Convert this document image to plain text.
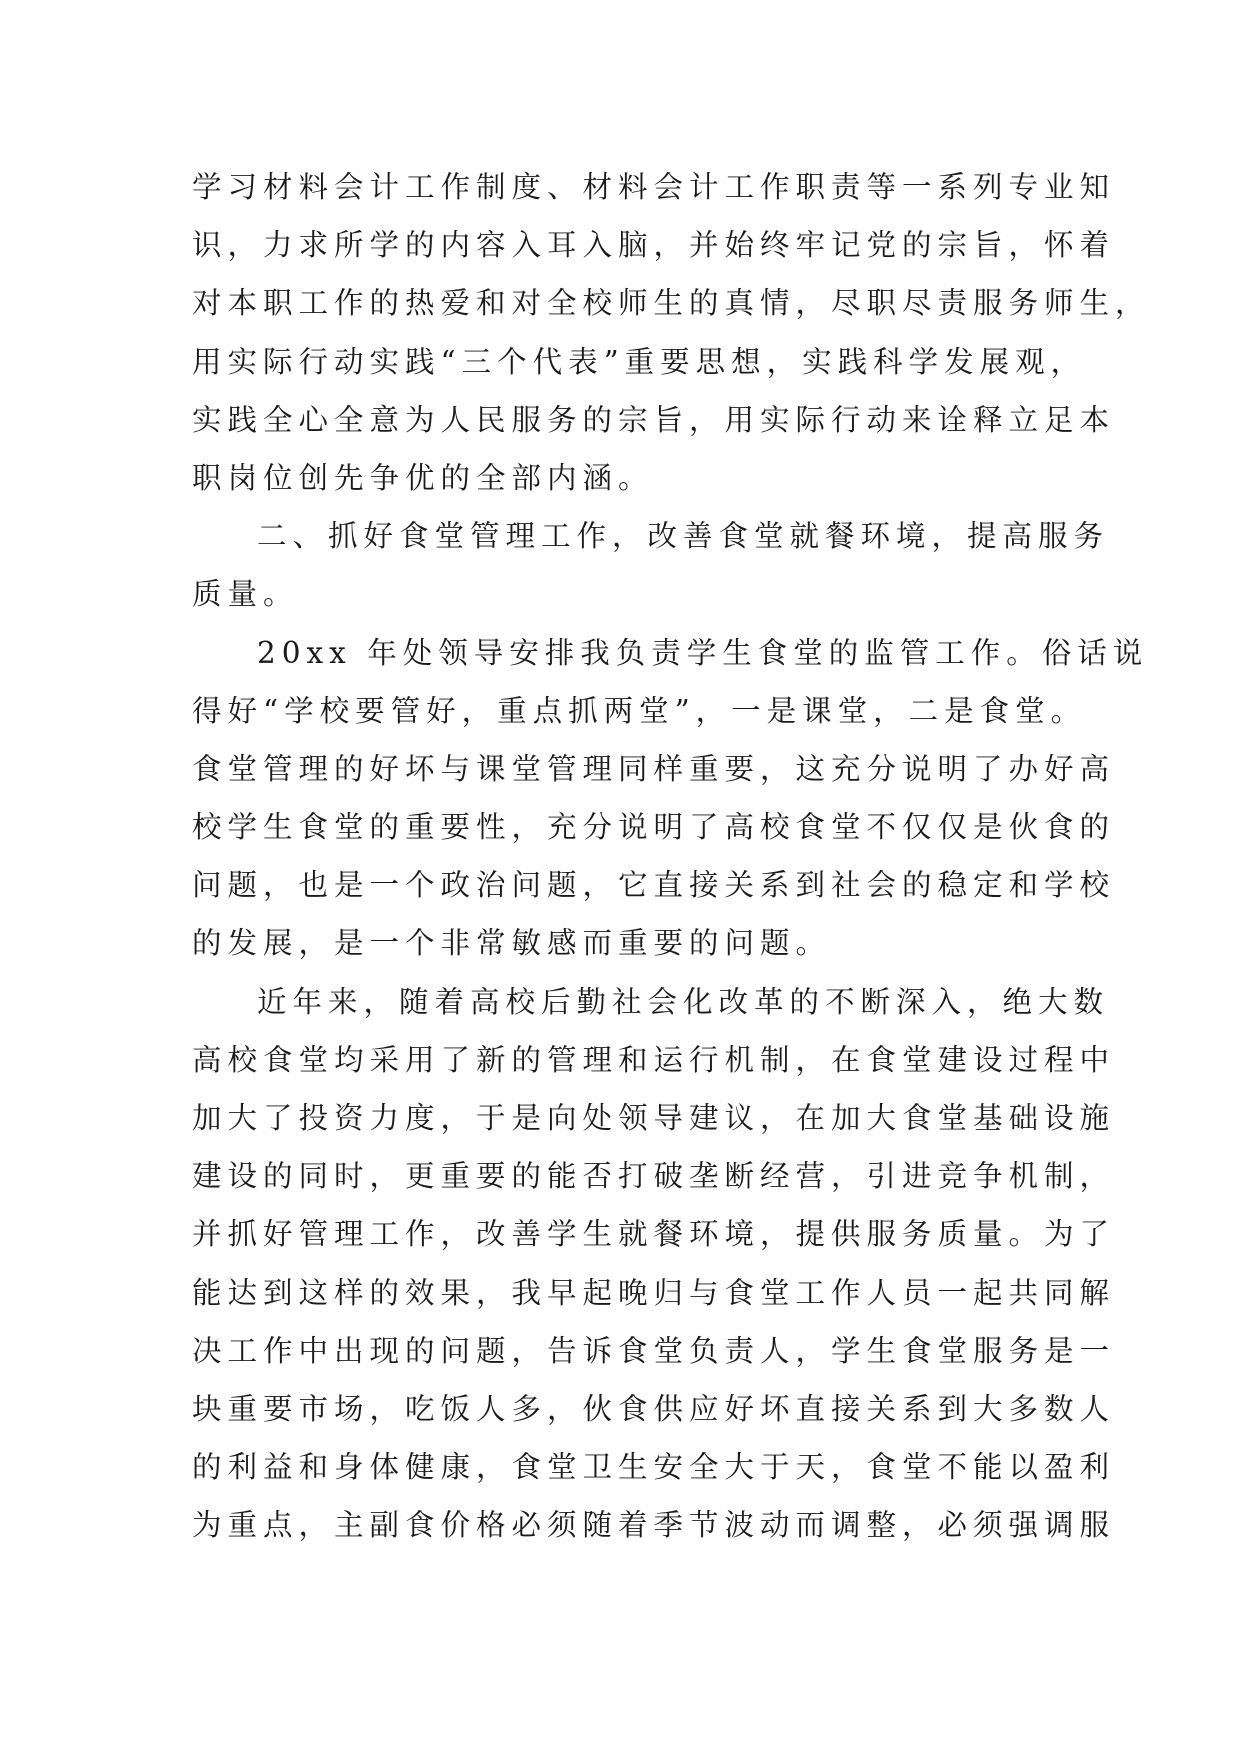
学习材料会计工作制度、材料会计工作职责等一系列专业知
识，力求所学的内容入耳入脑，并始终牢记党的宗旨，怀着
对本职工作的热爱和对全校师生的真情，尽职尽责服务师生，
用实际行动实践“三个代表”重要思想，实践科学发展观，
实践全心全意为人民服务的宗旨，用实际行动来诠释立足本
职岗位创先争优的全部内涵。
二、抓好食堂管理工作，改善食堂就餐环境，提高服务
质量。
20xx 年处领导安排我负责学生食堂的监管工作。俗话说
得好“学校要管好，重点抓两堂”，一是课堂，二是食堂。
食堂管理的好坏与课堂管理同样重要，这充分说明了办好高
校学生食堂的重要性，充分说明了高校食堂不仅仅是伙食的
问题，也是一个政治问题，它直接关系到社会的稳定和学校
的发展，是一个非常敏感而重要的问题。
近年来，随着高校后勤社会化改革的不断深入，绝大数
高校食堂均采用了新的管理和运行机制，在食堂建设过程中
加大了投资力度，于是向处领导建议，在加大食堂基础设施
建设的同时，更重要的能否打破垄断经营，引进竞争机制，
并抓好管理工作，改善学生就餐环境，提供服务质量。为了
能达到这样的效果，我早起晚归与食堂工作人员一起共同解
决工作中出现的问题，告诉食堂负责人，学生食堂服务是一
块重要市场，吃饭人多，伙食供应好坏直接关系到大多数人
的利益和身体健康，食堂卫生安全大于天，食堂不能以盈利
为重点，主副食价格必须随着季节波动而调整，必须强调服
